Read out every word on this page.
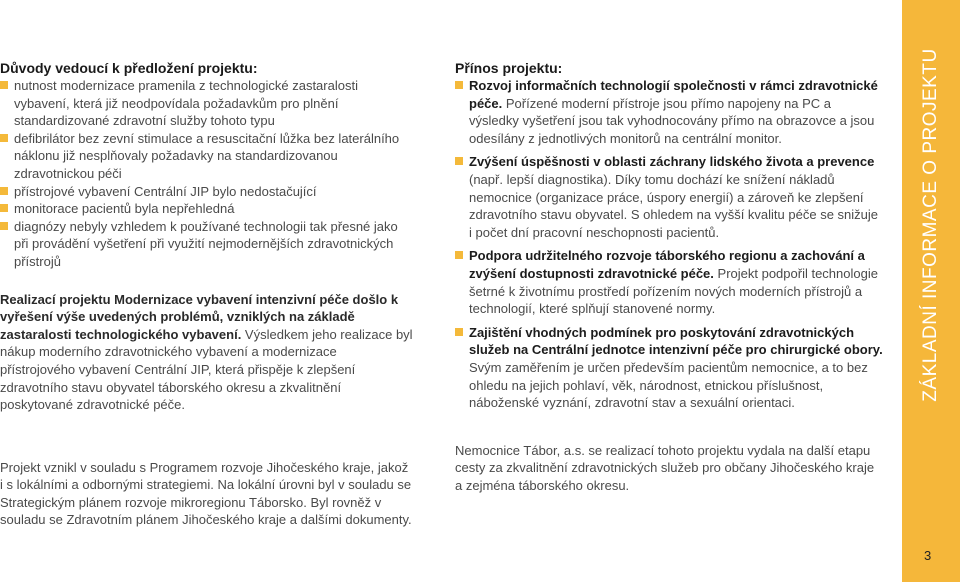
Důvody vedoucí k předložení projektu:
nutnost modernizace pramenila z technologické zastaralosti vybavení, která již neodpovídala požadavkům pro plnění standardizované zdravotní služby tohoto typu
defibrilátor bez zevní stimulace a resuscitační lůžka bez laterálního náklonu již nesplňovaly požadavky na standardizovanou zdravotnickou péči
přístrojové vybavení Centrální JIP bylo nedostačující
monitorace pacientů byla nepřehledná
diagnózy nebyly vzhledem k používané technologii tak přesné jako při provádění vyšetření při využití nejmodernějších zdravotnických přístrojů

Realizací projektu Modernizace vybavení intenzivní péče došlo k vyřešení výše uvedených problémů, vzniklých na základě zastaralosti technologického vybavení. Výsledkem jeho realizace byl nákup moderního zdravotnického vybavení a modernizace přístrojového vybavení Centrální JIP, která přispěje k zlepšení zdravotního stavu obyvatel táborského okresu a zkvalitnění poskytované zdravotnické péče.

Projekt vznikl v souladu s Programem rozvoje Jihočeského kraje, jakož i s lokálními a odbornými strategiemi. Na lokální úrovni byl v souladu se Strategickým plánem rozvoje mikroregionu Táborsko. Byl rovněž v souladu se Zdravotním plánem Jihočeského kraje a dalšími dokumenty.

Přínos projektu:
Rozvoj informačních technologií společnosti v rámci zdravotnické péče. Pořízené moderní přístroje jsou přímo napojeny na PC a výsledky vyšetření jsou tak vyhodnocovány přímo na obrazovce a jsou odesílány z jednotlivých monitorů na centrální monitor.
Zvýšení úspěšnosti v oblasti záchrany lidského života a prevence (např. lepší diagnostika). Díky tomu dochází ke snížení nákladů nemocnice (organizace práce, úspory energií) a zároveň ke zlepšení zdravotního stavu obyvatel. S ohledem na vyšší kvalitu péče se snižuje i počet dní pracovní neschopnosti pacientů.
Podpora udržitelného rozvoje táborského regionu a zachování a zvýšení dostupnosti zdravotnické péče. Projekt podpořil technologie šetrné k životnímu prostředí pořízením nových moderních přístrojů a technologií, které splňují stanovené normy.
Zajištění vhodných podmínek pro poskytování zdravotnických služeb na Centrální jednotce intenzivní péče pro chirurgické obory. Svým zaměřením je určen především pacientům nemocnice, a to bez ohledu na jejich pohlaví, věk, národnost, etnickou příslušnost, náboženské vyznání, zdravotní stav a sexuální orientaci.

Nemocnice Tábor, a.s. se realizací tohoto projektu vydala na další etapu cesty za zkvalitnění zdravotnických služeb pro občany Jihočeského kraje a zejména táborského okresu.

ZÁKLADNÍ INFORMACE O PROJEKTU
3
